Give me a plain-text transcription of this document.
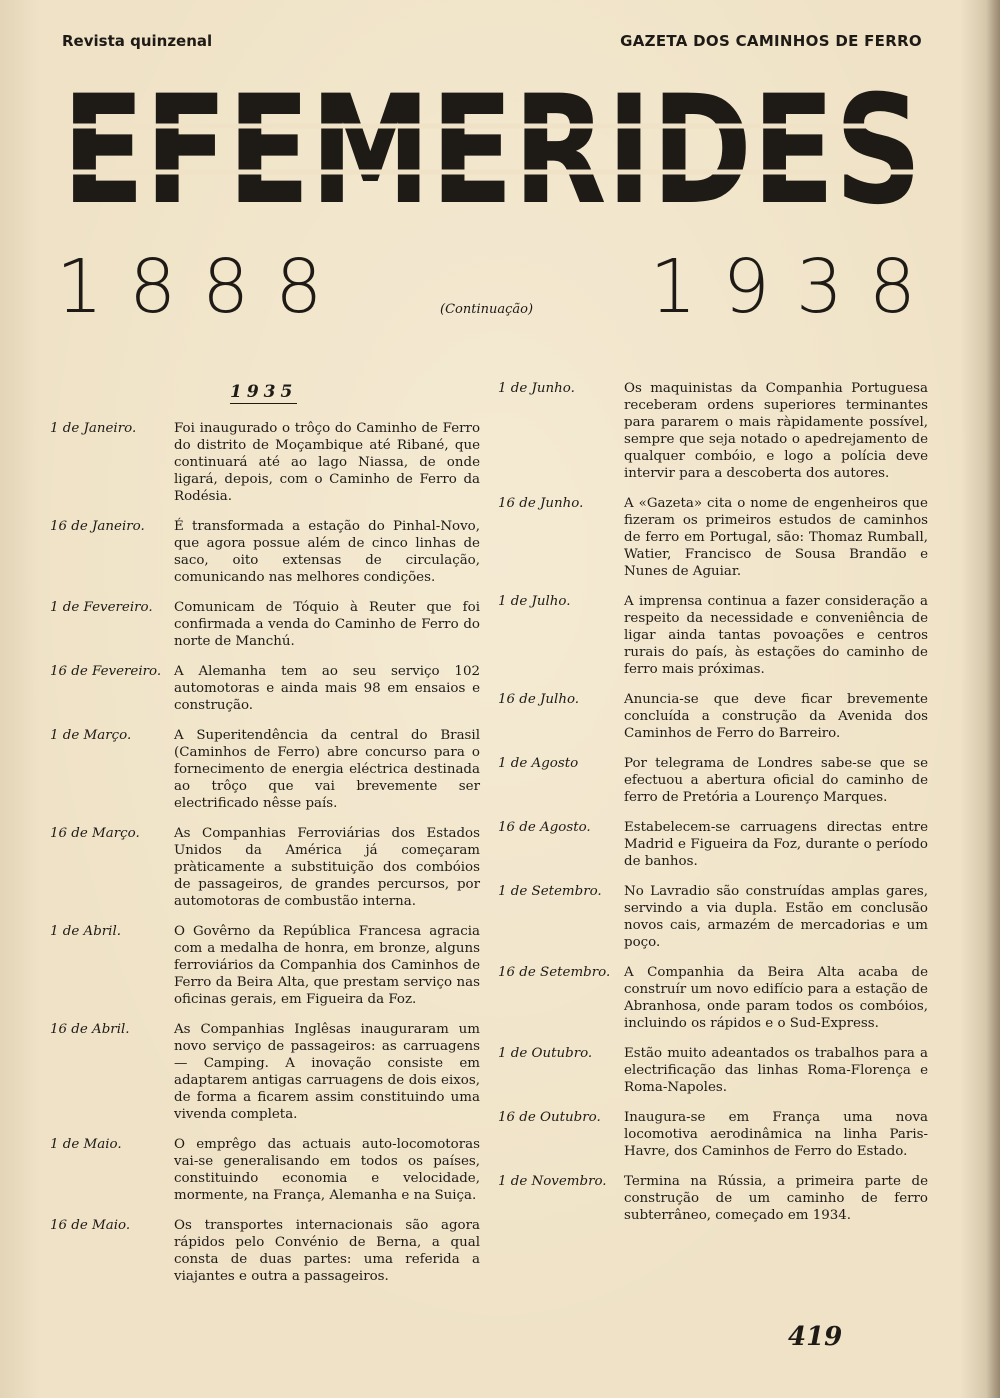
Revista quinzenal	GAZETA DOS CAMINHOS DE FERRO
EFEMERIDES
1888	(Continuação) 1938
1935
1 de Janeiro.	Foi inaugurado o trôço do Caminho de Ferro do distrito de Moçambique até Ribané, que continuará até ao lago Niassa, de onde ligará, depois, com o Caminho de Ferro da Rodésia.
16 de Janeiro.	É transformada a estação do Pinhal-Novo, que agora possue além de cinco linhas de saco, oito extensas de circulação, comunicando nas melhores condições.
1 de Fevereiro.	Comunicam de Tóquio à Reuter que foi confirmada a venda do Caminho de Ferro do norte de Manchú.
16 de Fevereiro. A Alemanha tem ao seu serviço 102 automotoras e ainda mais 98 em ensaios e construção.
1 de Março.	A Superitendência da central do Brasil (Caminhos de Ferro) abre concurso para o fornecimento de energia eléctrica destinada ao trôço que vai brevemente ser electrificado nêsse país.
16 de Março.	As Companhias Ferroviárias dos Estados Unidos da América já começaram pràticamente a substituição dos combóios de passageiros, de grandes percursos, por automotoras de combustão interna.
1 de Abril.	O Govêrno da República Francesa agracia com a medalha de honra, em bronze, alguns ferroviários da Companhia dos Caminhos de Ferro da Beira Alta, que prestam serviço nas oficinas gerais, em Figueira da Foz.
16 de Abril.	As Companhias Inglêsas inauguraram um novo serviço de passageiros: as carruagens — Camping. A inovação consiste em adaptarem antigas carruagens de dois eixos, de forma a ficarem assim constituindo uma vivenda completa.
1 de Maio.	O emprêgo das actuais auto-locomotoras vai-se generalisando em todos os países, constituindo economia e velocidade, mormente, na França, Alemanha e na Suiça.
16 de Maio.	Os transportes internacionais são agora rápidos pelo Convénio de Berna, a qual consta de duas partes: uma referida a viajantes e outra a passageiros.
1 de Junho.	Os maquinistas da Companhia Portuguesa receberam ordens superiores terminantes para pararem o mais ràpidamente possível, sempre que seja notado o apedrejamento de qualquer combóio, e logo a polícia deve intervir para a descoberta dos autores.
16 de Junho.	A «Gazeta» cita o nome de engenheiros que fizeram os primeiros estudos de caminhos de ferro em Portugal, são: Thomaz Rumball, Watier, Francisco de Sousa Brandão e Nunes de Aguiar.
1 de Julho.	A imprensa continua a fazer consideração a respeito da necessidade e conveniência de ligar ainda tantas povoações e centros rurais do país, às estações do caminho de ferro mais próximas.
16 de Julho.	Anuncia-se que deve ficar brevemente concluída a construção da Avenida dos Caminhos de Ferro do Barreiro.
1 de Agosto	Por telegrama de Londres sabe-se que se efectuou a abertura oficial do caminho de ferro de Pretória a Lourenço Marques.
16 de Agosto.	Estabelecem-se carruagens directas entre Madrid e Figueira da Foz, durante o período de banhos.
1 de Setembro.	No Lavradio são construídas amplas gares, servindo a via dupla. Estão em conclusão novos cais, armazém de mercadorias e um poço.
16 de Setembro.	A Companhia da Beira Alta acaba de construír um novo edifício para a estação de Abranhosa, onde param todos os combóios, incluindo os rápidos e o Sud-Express.
1 de Outubro.	Estão muito adeantados os trabalhos para a electrificação das linhas Roma-Florença e Roma-Napoles.
16 de Outubro.	Inaugura-se em França uma nova locomotiva aerodinâmica na linha Paris-Havre, dos Caminhos de Ferro do Estado.
1 de Novembro.	Termina na Rússia, a primeira parte de construção de um caminho de ferro subterrâneo, começado em 1934.
419
